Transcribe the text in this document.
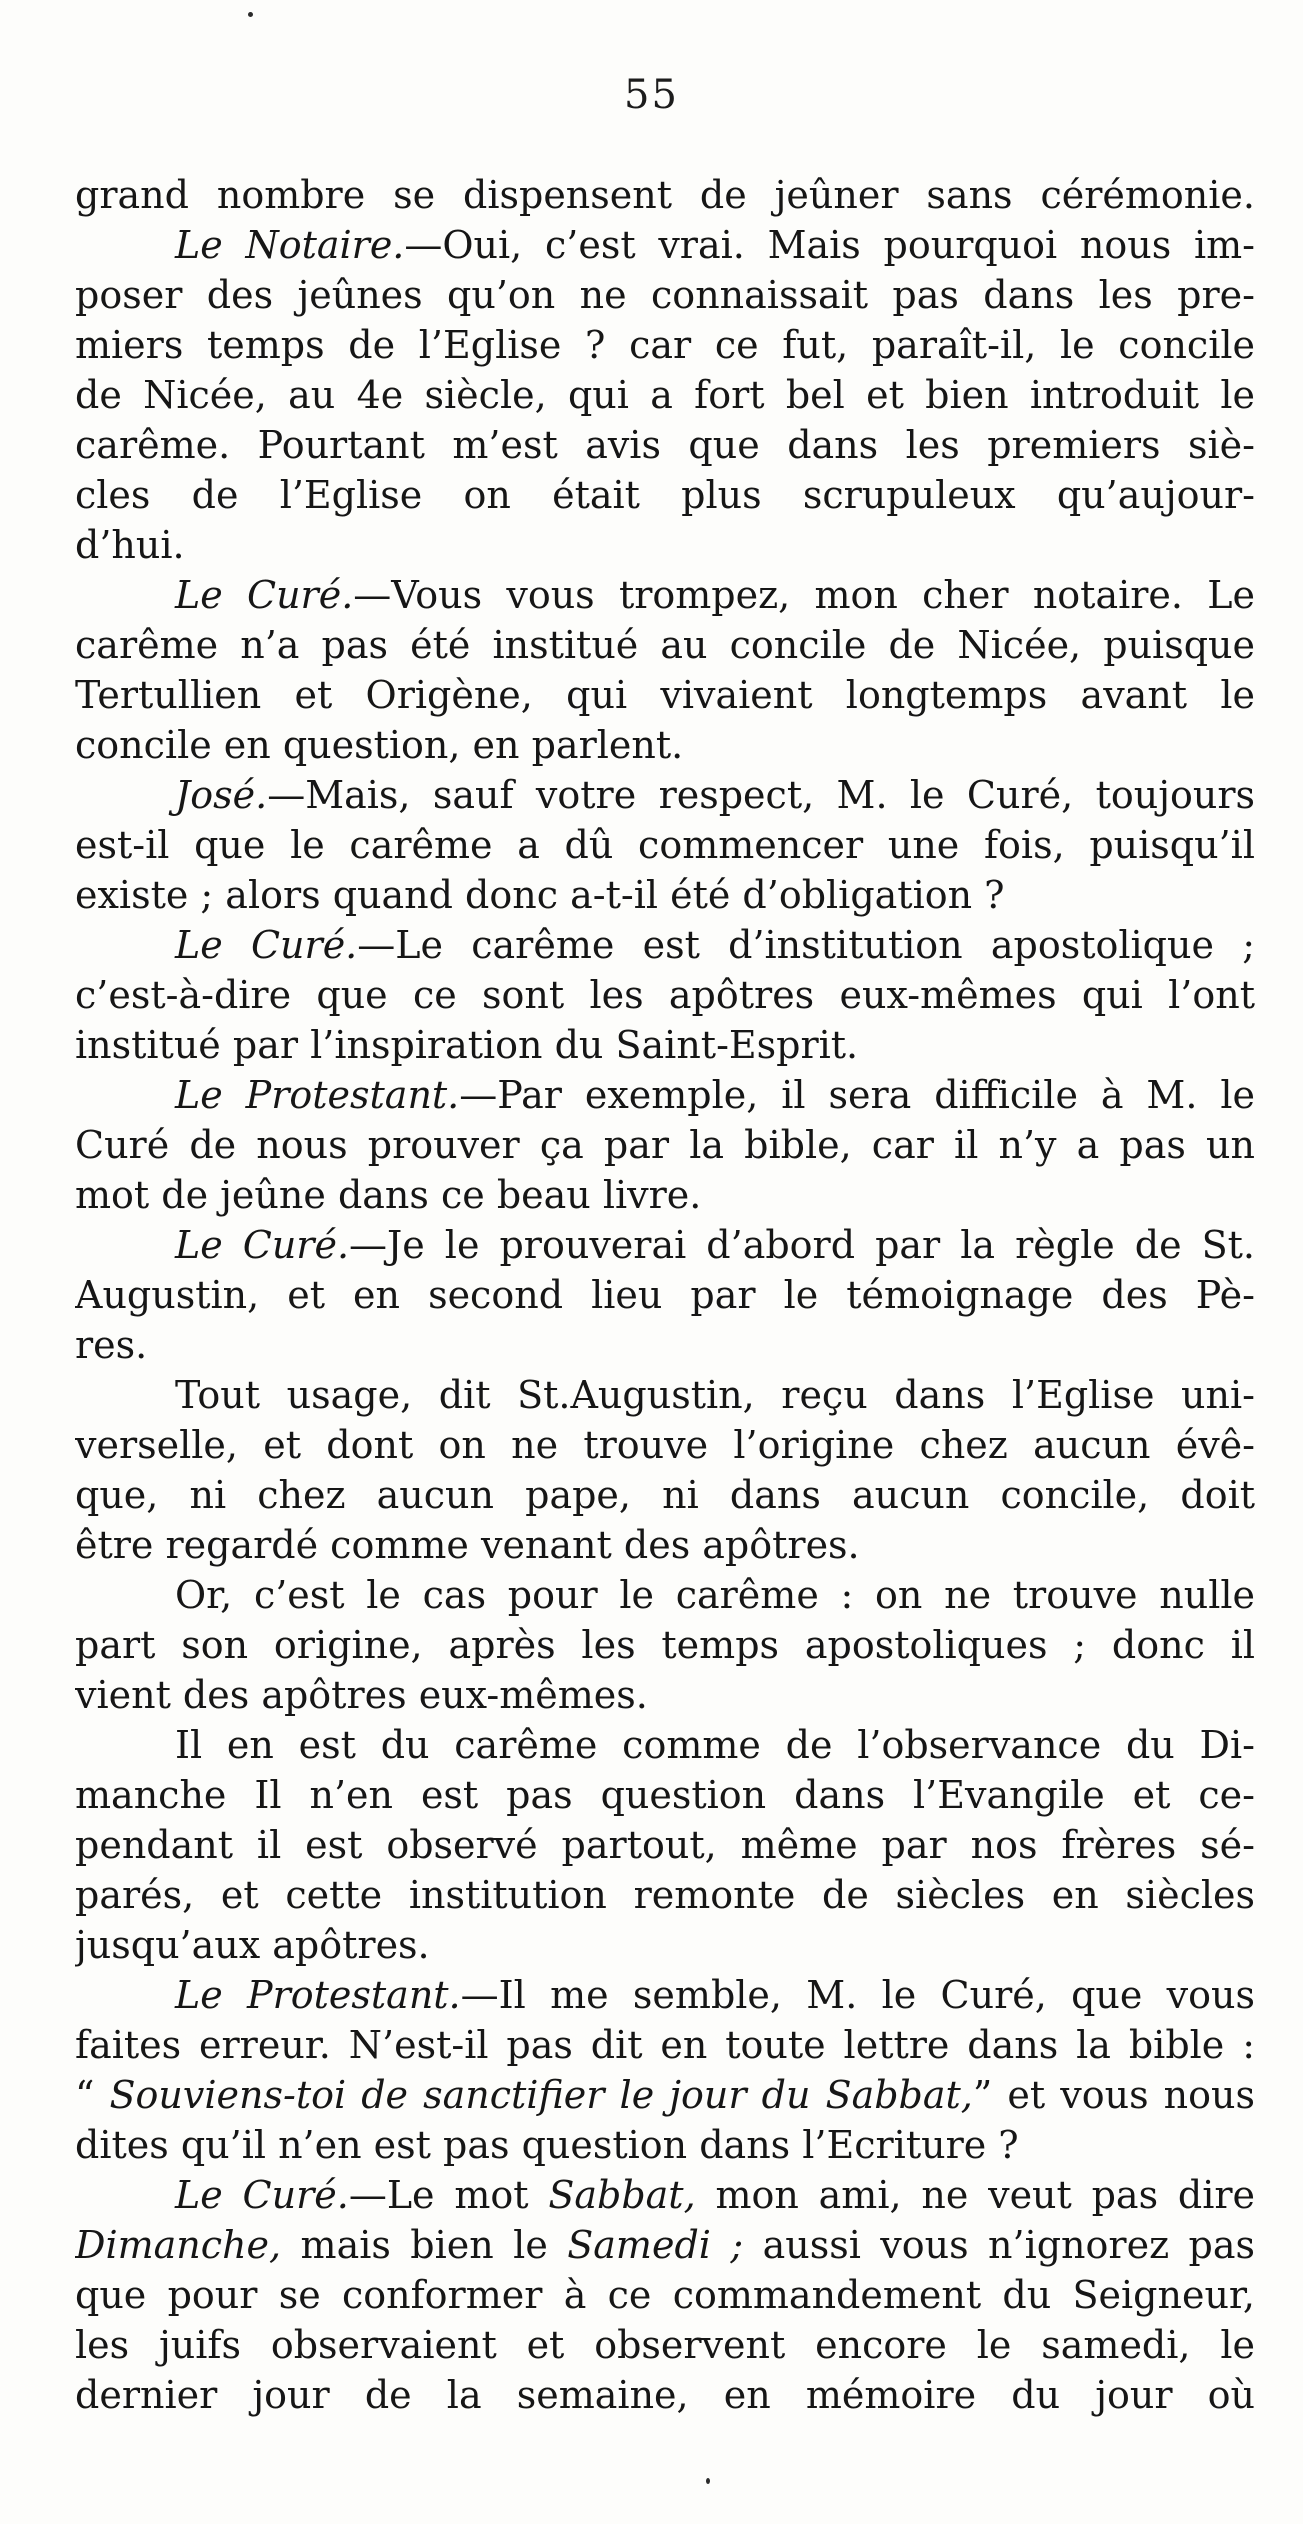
55
grand nombre se dispensent de jeûner sans cérémonie.
Le Notaire.—Oui, c’est vrai. Mais pourquoi nous im-
poser des jeûnes qu’on ne connaissait pas dans les pre-
miers temps de l’Eglise ? car ce fut, paraît-il, le concile
de Nicée, au 4e siècle, qui a fort bel et bien introduit le
carême. Pourtant m’est avis que dans les premiers siè-
cles de l’Eglise on était plus scrupuleux qu’aujour-
d’hui.
Le Curé.—Vous vous trompez, mon cher notaire. Le
carême n’a pas été institué au concile de Nicée, puisque
Tertullien et Origène, qui vivaient longtemps avant le
concile en question, en parlent.
José.—Mais, sauf votre respect, M. le Curé, toujours
est-il que le carême a dû commencer une fois, puisqu’il
existe ; alors quand donc a-t-il été d’obligation ?
Le Curé.—Le carême est d’institution apostolique ;
c’est-à-dire que ce sont les apôtres eux-mêmes qui l’ont
institué par l’inspiration du Saint-Esprit.
Le Protestant.—Par exemple, il sera difficile à M. le
Curé de nous prouver ça par la bible, car il n’y a pas un
mot de jeûne dans ce beau livre.
Le Curé.—Je le prouverai d’abord par la règle de St.
Augustin, et en second lieu par le témoignage des Pè-
res.
Tout usage, dit St.Augustin, reçu dans l’Eglise uni-
verselle, et dont on ne trouve l’origine chez aucun évê-
que, ni chez aucun pape, ni dans aucun concile, doit
être regardé comme venant des apôtres.
Or, c’est le cas pour le carême : on ne trouve nulle
part son origine, après les temps apostoliques ; donc il
vient des apôtres eux-mêmes.
Il en est du carême comme de l’observance du Di-
manche Il n’en est pas question dans l’Evangile et ce-
pendant il est observé partout, même par nos frères sé-
parés, et cette institution remonte de siècles en siècles
jusqu’aux apôtres.
Le Protestant.—Il me semble, M. le Curé, que vous
faites erreur. N’est-il pas dit en toute lettre dans la bible :
“ Souviens-toi de sanctifier le jour du Sabbat,” et vous nous
dites qu’il n’en est pas question dans l’Ecriture ?
Le Curé.—Le mot Sabbat, mon ami, ne veut pas dire
Dimanche, mais bien le Samedi ; aussi vous n’ignorez pas
que pour se conformer à ce commandement du Seigneur,
les juifs observaient et observent encore le samedi, le
dernier jour de la semaine, en mémoire du jour où
